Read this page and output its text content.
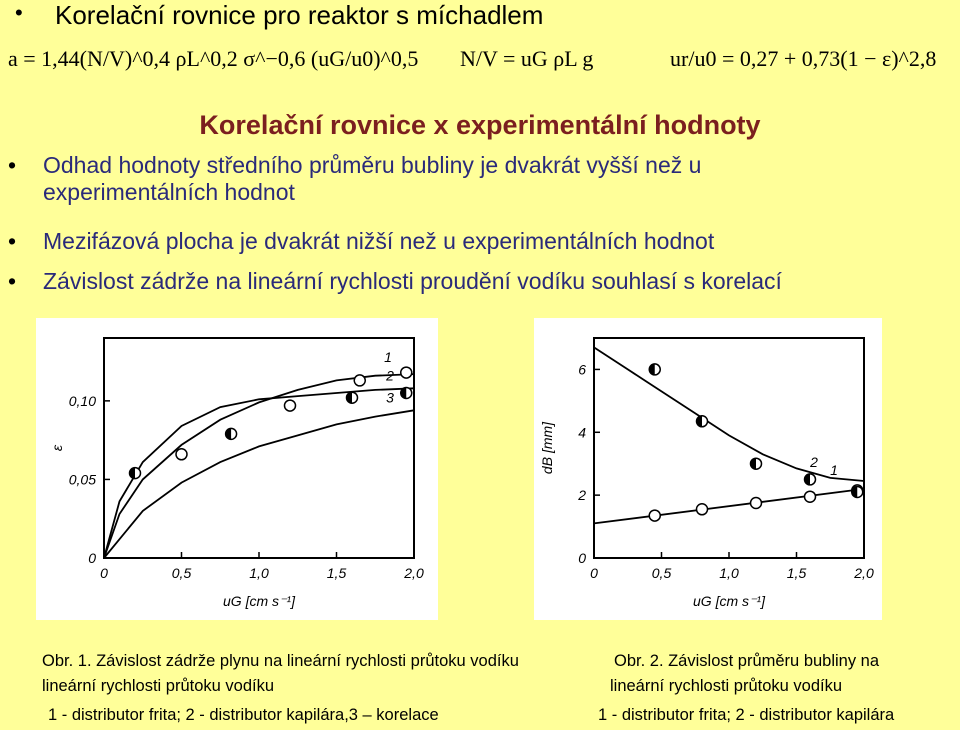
• Korelační rovnice pro reaktor s míchadlem
a = 1,44(N/V)^0,4 ρL^0,2 σ^−0,6 (uG/u0)^0,5 N/V = uG ρL g	ur/u0 = 0,27 + 0,73(1 − ε)^2,8
Korelační rovnice x experimentální hodnoty
• Odhad hodnoty středního průměru bubliny je dvakrát vyšší než u
experimentálních hodnot
• Mezifázová plocha je dvakrát nižší než u experimentálních hodnot
• Závislost zádrže na lineární rychlosti proudění vodíku souhlasí s korelací
0	0,5	1,0	1,5	2,0
0
0,05
0,10
uG [cm s⁻¹]
ε
1
2
3
0	0,5	1,0	1,5	2,0
0
2
4
6
uG [cm s⁻¹]
dB [mm]	1
2
Obr. 1. Závislost zádrže plynu na lineární rychlosti průtoku vodíku
lineární rychlosti průtoku vodíku
1 - distributor frita; 2 - distributor kapilára,3 – korelace
Obr. 2. Závislost průměru bubliny na
lineární rychlosti průtoku vodíku
1 - distributor frita; 2 - distributor kapilára
